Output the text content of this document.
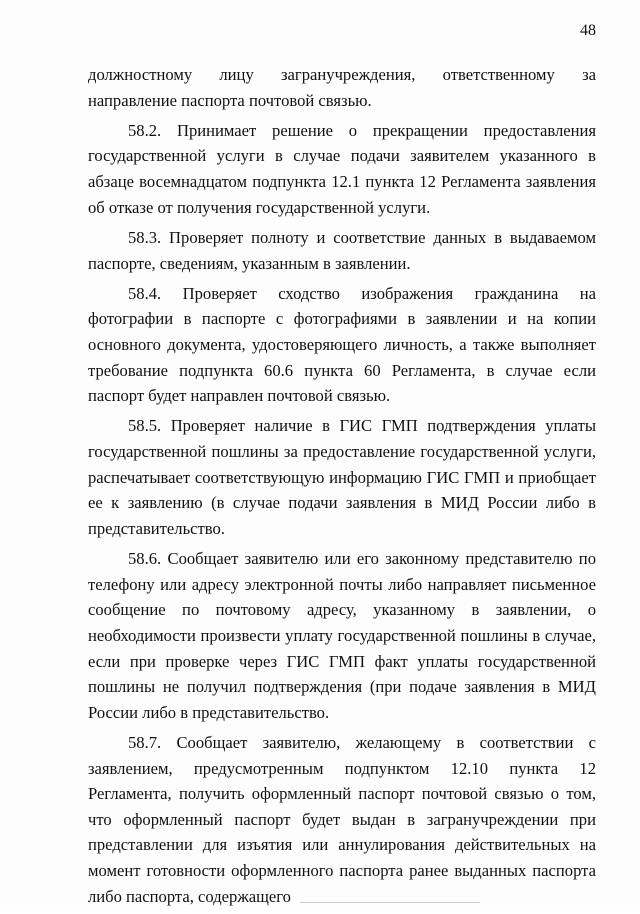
48

должностному лицу загранучреждения, ответственному за направление паспорта почтовой связью.

58.2. Принимает решение о прекращении предоставления государственной услуги в случае подачи заявителем указанного в абзаце восемнадцатом подпункта 12.1 пункта 12 Регламента заявления об отказе от получения государственной услуги.

58.3. Проверяет полноту и соответствие данных в выдаваемом паспорте, сведениям, указанным в заявлении.

58.4. Проверяет сходство изображения гражданина на фотографии в паспорте с фотографиями в заявлении и на копии основного документа, удостоверяющего личность, а также выполняет требование подпункта 60.6 пункта 60 Регламента, в случае если паспорт будет направлен почтовой связью.

58.5. Проверяет наличие в ГИС ГМП подтверждения уплаты государственной пошлины за предоставление государственной услуги, распечатывает соответствующую информацию ГИС ГМП и приобщает ее к заявлению (в случае подачи заявления в МИД России либо в представительство.

58.6. Сообщает заявителю или его законному представителю по телефону или адресу электронной почты либо направляет письменное сообщение по почтовому адресу, указанному в заявлении, о необходимости произвести уплату государственной пошлины в случае, если при проверке через ГИС ГМП факт уплаты государственной пошлины не получил подтверждения (при подаче заявления в МИД России либо в представительство.

58.7. Сообщает заявителю, желающему в соответствии с заявлением, предусмотренным подпунктом 12.10 пункта 12 Регламента, получить оформленный паспорт почтовой связью о том, что оформленный паспорт будет выдан в загранучреждении при представлении для изъятия или аннулирования действительных на момент готовности оформленного паспорта ранее выданных паспорта либо паспорта, содержащего
